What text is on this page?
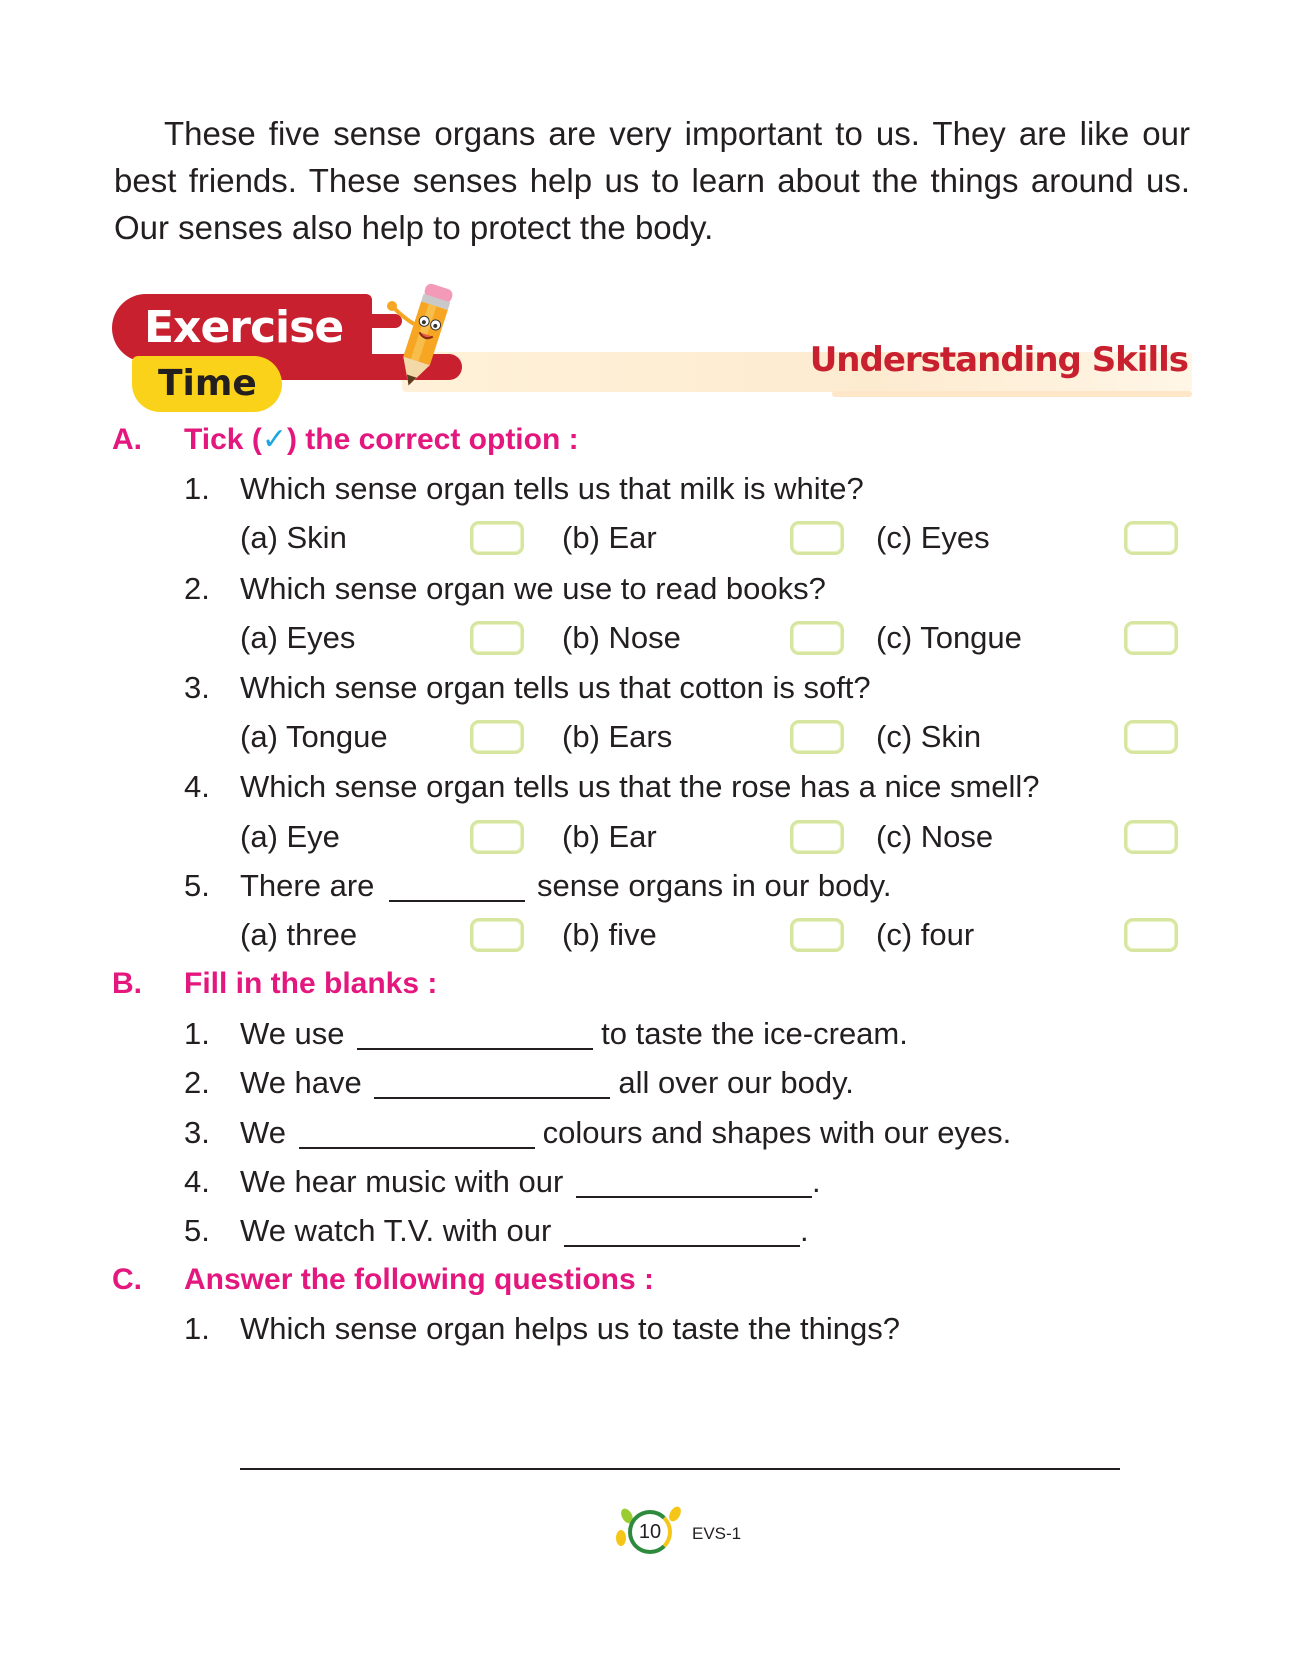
These five sense organs are very important to us. They are like our best friends. These senses help us to learn about the things around us. Our senses also help to protect the body.

Exercise
Time
Understanding Skills
A. Tick (✓) the correct option :
1. Which sense organ tells us that milk is white?
(a) Skin	(b) Ear	(c) Eyes
2. Which sense organ we use to read books?
(a) Eyes	(b) Nose	(c) Tongue
3. Which sense organ tells us that cotton is soft?
(a) Tongue	(b) Ears	(c) Skin
4. Which sense organ tells us that the rose has a nice smell?
(a) Eye	(b) Ear	(c) Nose
5. There are	sense organs in our body.
(a) three	(b) five	(c) four
B. Fill in the blanks :
1. We use	to taste the ice-cream.
2. We have	all over our body.
3. We	colours and shapes with our eyes.
4. We hear music with our	.
5. We watch T.V. with our	.
C. Answer the following questions :
1. Which sense organ helps us to taste the things?
10	EVS-1
